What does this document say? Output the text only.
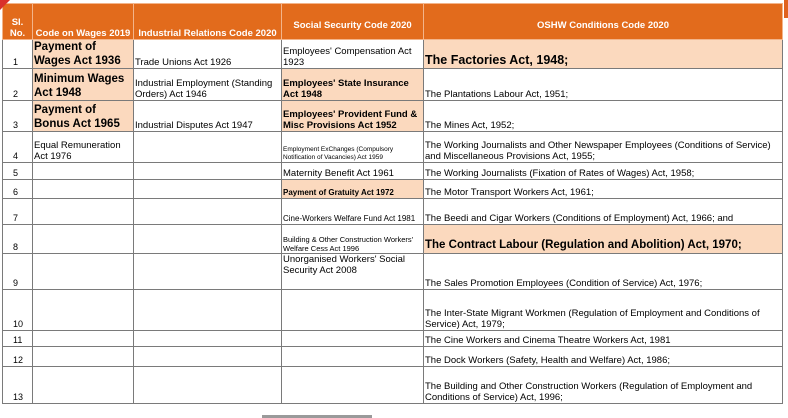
Sl. No.	Code on Wages 2019	Industrial Relations Code 2020	Social Security Code 2020	OSHW Conditions Code 2020
1	Payment of Wages Act 1936	Trade Unions Act 1926	Employees' Compensation Act 1923	The Factories Act, 1948;
2	Minimum Wages Act 1948	Industrial Employment (Standing Orders) Act 1946	Employees' State Insurance Act 1948	The Plantations Labour Act, 1951;
3	Payment of Bonus Act 1965	Industrial Disputes Act 1947	Employees' Provident Fund & Misc Provisions Act 1952	The Mines Act, 1952;
4	Equal Remuneration Act 1976		Employment ExChanges (Compulsory Notification of Vacancies) Act 1959	The Working Journalists and Other Newspaper Employees (Conditions of Service) and Miscellaneous Provisions Act, 1955;
5			Maternity Benefit Act 1961	The Working Journalists (Fixation of Rates of Wages) Act, 1958;
6			Payment of Gratuity Act 1972	The Motor Transport Workers Act, 1961;
7			Cine-Workers Welfare Fund Act 1981	The Beedi and Cigar Workers (Conditions of Employment) Act, 1966; and
8			Building & Other Construction Workers' Welfare Cess Act 1996	The Contract Labour (Regulation and Abolition) Act, 1970;
9			Unorganised Workers' Social Security Act 2008	The Sales Promotion Employees (Condition of Service) Act, 1976;
10				The Inter-State Migrant Workmen (Regulation of Employment and Conditions of Service) Act, 1979;
11				The Cine Workers and Cinema Theatre Workers Act, 1981
12				The Dock Workers (Safety, Health and Welfare) Act, 1986;
13				The Building and Other Construction Workers (Regulation of Employment and Conditions of Service) Act, 1996;
